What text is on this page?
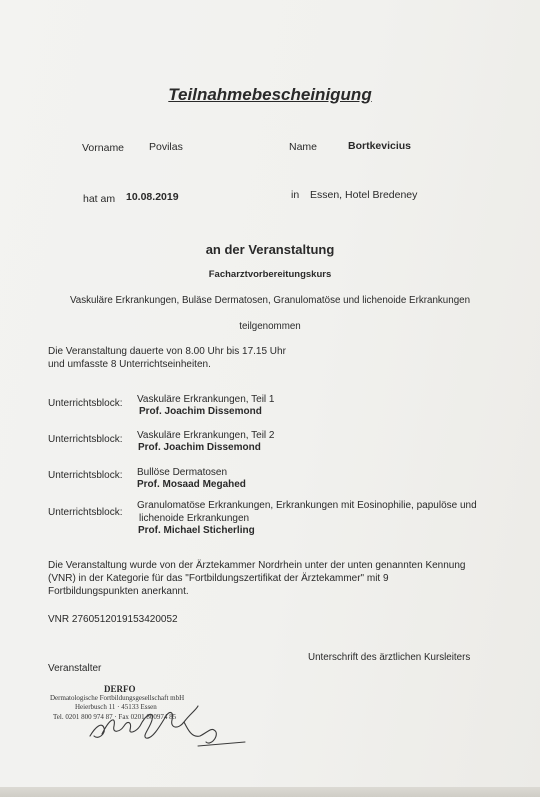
Teilnahmebescheinigung
Vorname Povilas	Name	Bortkevicius
hat am 10.08.2019	in Essen, Hotel Bredeney
an der Veranstaltung
Facharztvorbereitungskurs
Vaskuläre Erkrankungen, Buläse Dermatosen, Granulomatöse und lichenoide Erkrankungen
teilgenommen
Die Veranstaltung dauerte von 8.00 Uhr bis 17.15 Uhr
und umfasste 8 Unterrichtseinheiten.
Unterrichtsblock: Vaskuläre Erkrankungen, Teil 1
Prof. Joachim Dissemond
Unterrichtsblock: Vaskuläre Erkrankungen, Teil 2
Prof. Joachim Dissemond
Unterrichtsblock: Bullöse Dermatosen
Prof. Mosaad Megahed
Unterrichtsblock:
Granulomatöse Erkrankungen, Erkrankungen mit Eosinophilie, papulöse und
lichenoide Erkrankungen
Prof. Michael Sticherling
Die Veranstaltung wurde von der Ärztekammer Nordrhein unter der unten genannten Kennung
(VNR) in der Kategorie für das "Fortbildungszertifikat der Ärztekammer" mit 9
Fortbildungspunkten anerkannt.
VNR 2760512019153420052
Unterschrift des ärztlichen Kursleiters
Veranstalter
DERFO
Dermatologische Fortbildungsgesellschaft mbH
Heierbusch 11 · 45133 Essen
Tel. 0201 800 974 87 · Fax 0201 800974 85
